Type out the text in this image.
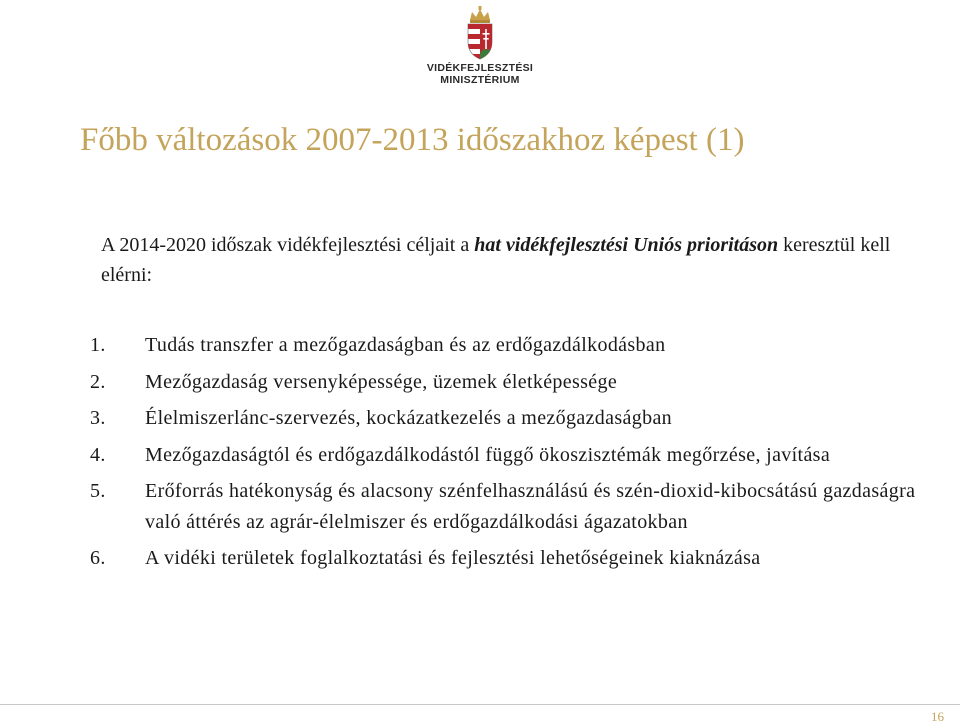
VIDÉKFEJLESZTÉSI
MINISZTÉRIUM
Főbb változások 2007-2013 időszakhoz képest (1)
A 2014-2020 időszak vidékfejlesztési céljait a hat vidékfejlesztési Uniós prioritáson keresztül kell elérni:
1.	Tudás transzfer a mezőgazdaságban és az erdőgazdálkodásban
2.	Mezőgazdaság versenyképessége, üzemek életképessége
3.	Élelmiszerlánc-szervezés, kockázatkezelés a mezőgazdaságban
4.	Mezőgazdaságtól és erdőgazdálkodástól függő ökoszisztémák megőrzése, javítása
5.	Erőforrás hatékonyság és alacsony szénfelhasználású és szén-dioxid-kibocsátású gazdaságra való áttérés az agrár-élelmiszer és erdőgazdálkodási ágazatokban
6.	A vidéki területek foglalkoztatási és fejlesztési lehetőségeinek kiaknázása
16
